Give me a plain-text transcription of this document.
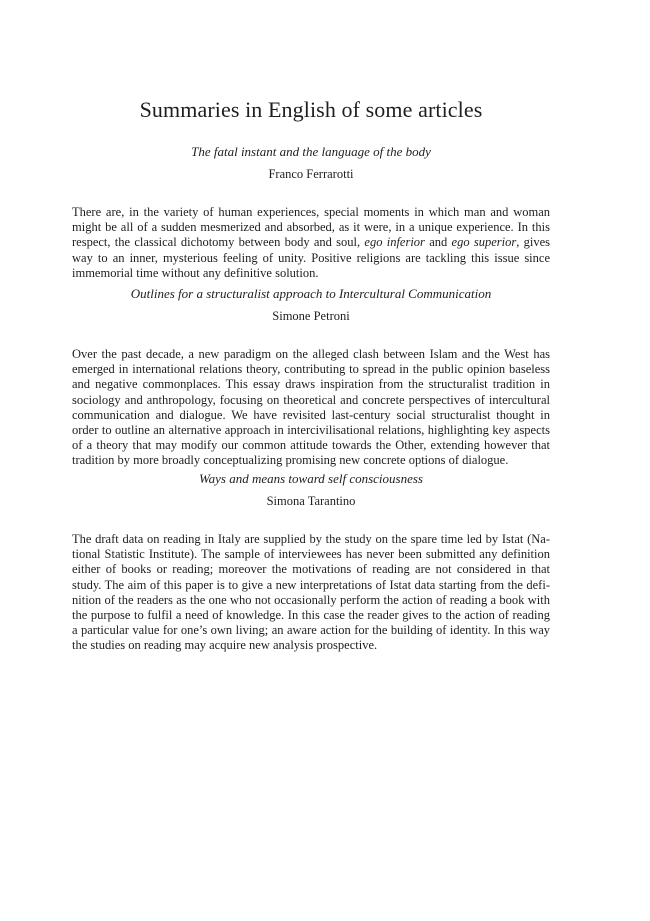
Summaries in English of some articles
The fatal instant and the language of the body

Franco Ferrarotti

There are, in the variety of human experiences, special moments in which man and woman might be all of a sudden mesmerized and absorbed, as it were, in a unique experience. In this respect, the classical dichotomy between body and soul, ego inferior and ego superior, gives way to an inner, mysterious feeling of unity. Positive religions are tackling this issue since immemorial time without any definitive solution.

Outlines for a structuralist approach to Intercultural Communication

Simone Petroni

Over the past decade, a new paradigm on the alleged clash between Islam and the West has emerged in international relations theory, contributing to spread in the public opinion baseless and negative commonplaces. This essay draws inspiration from the structuralist tradition in sociology and anthropology, focusing on theoretical and concrete perspectives of intercultural communication and dialogue. We have revisited last-century social structuralist thought in order to outline an alternative approach in intercivilisational relations, highlighting key aspects of a theory that may modify our common attitude towards the Other, extending however that tradition by more broadly conceptualizing promising new concrete options of dialogue.

Ways and means toward self consciousness

Simona Tarantino

The draft data on reading in Italy are supplied by the study on the spare time led by Istat (National Statistic Institute). The sample of interviewees has never been submitted any definition either of books or reading; moreover the motivations of reading are not considered in that study. The aim of this paper is to give a new interpretations of Istat data starting from the definition of the readers as the one who not occasionally perform the action of reading a book with the purpose to fulfil a need of knowledge. In this case the reader gives to the action of reading a particular value for one’s own living; an aware action for the building of identity. In this way the studies on reading may acquire new analysis prospective.
